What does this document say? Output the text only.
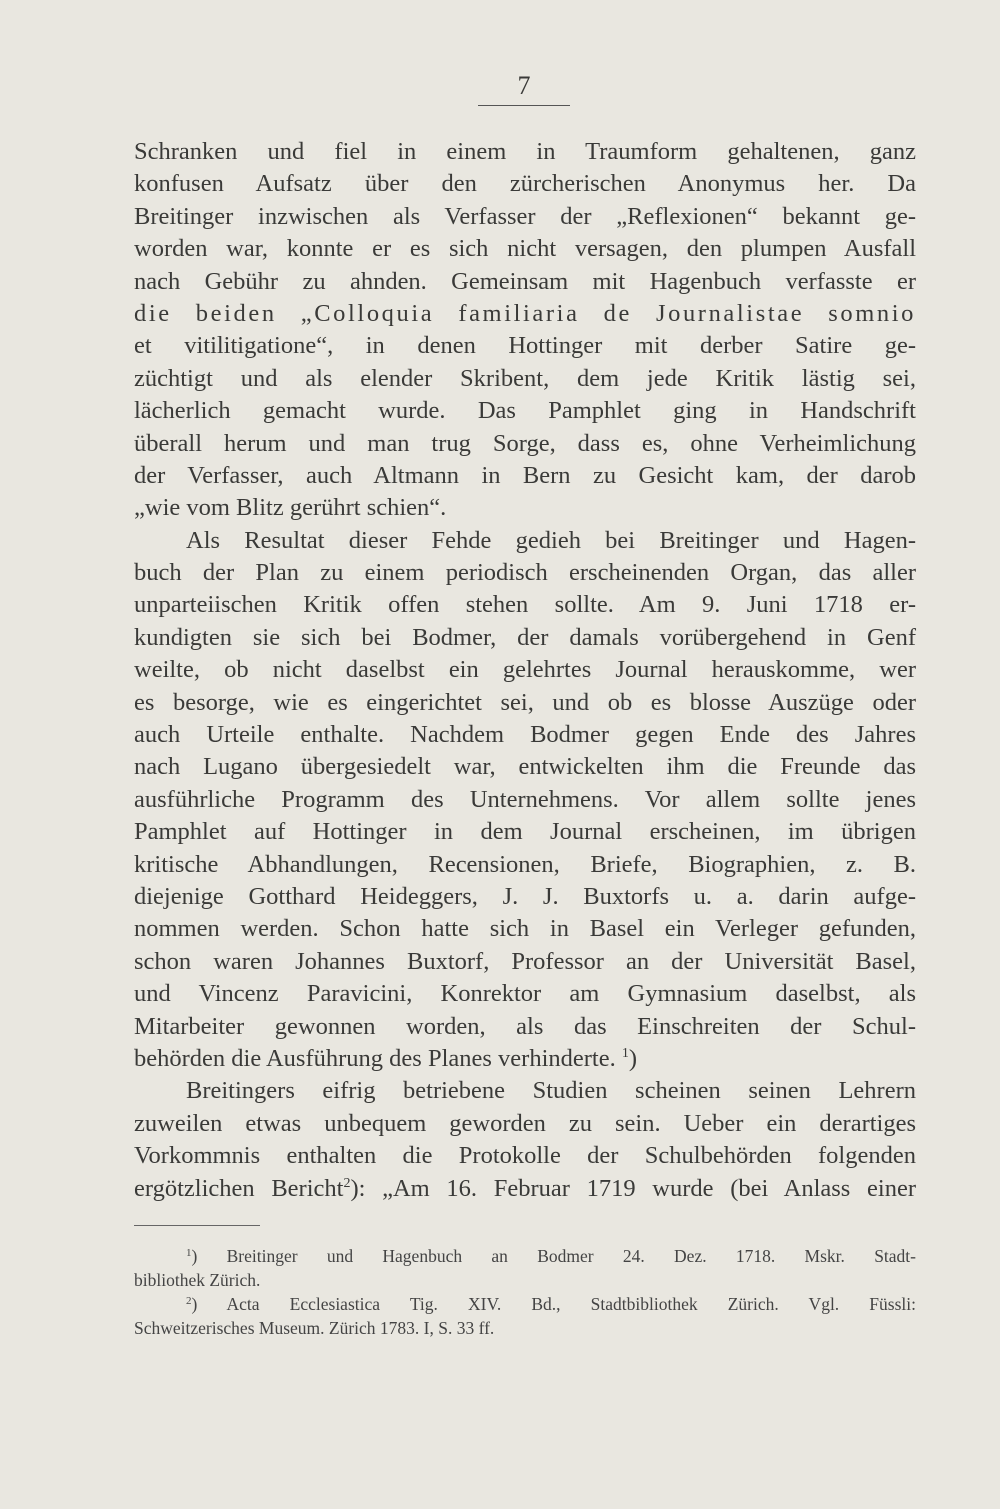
7
Schranken und fiel in einem in Traumform gehaltenen, ganz
konfusen Aufsatz über den zürcherischen Anonymus her. Da
Breitinger inzwischen als Verfasser der „Reflexionen“ bekannt ge-
worden war, konnte er es sich nicht versagen, den plumpen Ausfall
nach Gebühr zu ahnden. Gemeinsam mit Hagenbuch verfasste er
die beiden „Colloquia familiaria de Journalistae somnio
et vitilitigatione“, in denen Hottinger mit derber Satire ge-
züchtigt und als elender Skribent, dem jede Kritik lästig sei,
lächerlich gemacht wurde. Das Pamphlet ging in Handschrift
überall herum und man trug Sorge, dass es, ohne Verheimlichung
der Verfasser, auch Altmann in Bern zu Gesicht kam, der darob
„wie vom Blitz gerührt schien“.
Als Resultat dieser Fehde gedieh bei Breitinger und Hagen-
buch der Plan zu einem periodisch erscheinenden Organ, das aller
unparteiischen Kritik offen stehen sollte. Am 9. Juni 1718 er-
kundigten sie sich bei Bodmer, der damals vorübergehend in Genf
weilte, ob nicht daselbst ein gelehrtes Journal herauskomme, wer
es besorge, wie es eingerichtet sei, und ob es blosse Auszüge oder
auch Urteile enthalte. Nachdem Bodmer gegen Ende des Jahres
nach Lugano übergesiedelt war, entwickelten ihm die Freunde das
ausführliche Programm des Unternehmens. Vor allem sollte jenes
Pamphlet auf Hottinger in dem Journal erscheinen, im übrigen
kritische Abhandlungen, Recensionen, Briefe, Biographien, z. B.
diejenige Gotthard Heideggers, J. J. Buxtorfs u. a. darin aufge-
nommen werden. Schon hatte sich in Basel ein Verleger gefunden,
schon waren Johannes Buxtorf, Professor an der Universität Basel,
und Vincenz Paravicini, Konrektor am Gymnasium daselbst, als
Mitarbeiter gewonnen worden, als das Einschreiten der Schul-
behörden die Ausführung des Planes verhinderte. $^1$)
Breitingers eifrig betriebene Studien scheinen seinen Lehrern
zuweilen etwas unbequem geworden zu sein. Ueber ein derartiges
Vorkommnis enthalten die Protokolle der Schulbehörden folgenden
ergötzlichen Bericht$^2$): „Am 16. Februar 1719 wurde (bei Anlass einer
$^1$) Breitinger und Hagenbuch an Bodmer 24. Dez. 1718. Mskr. Stadt-
bibliothek Zürich.
$^2$) Acta Ecclesiastica Tig. XIV. Bd., Stadtbibliothek Zürich. Vgl. Füssli:
Schweitzerisches Museum. Zürich 1783. I, S. 33 ff.
